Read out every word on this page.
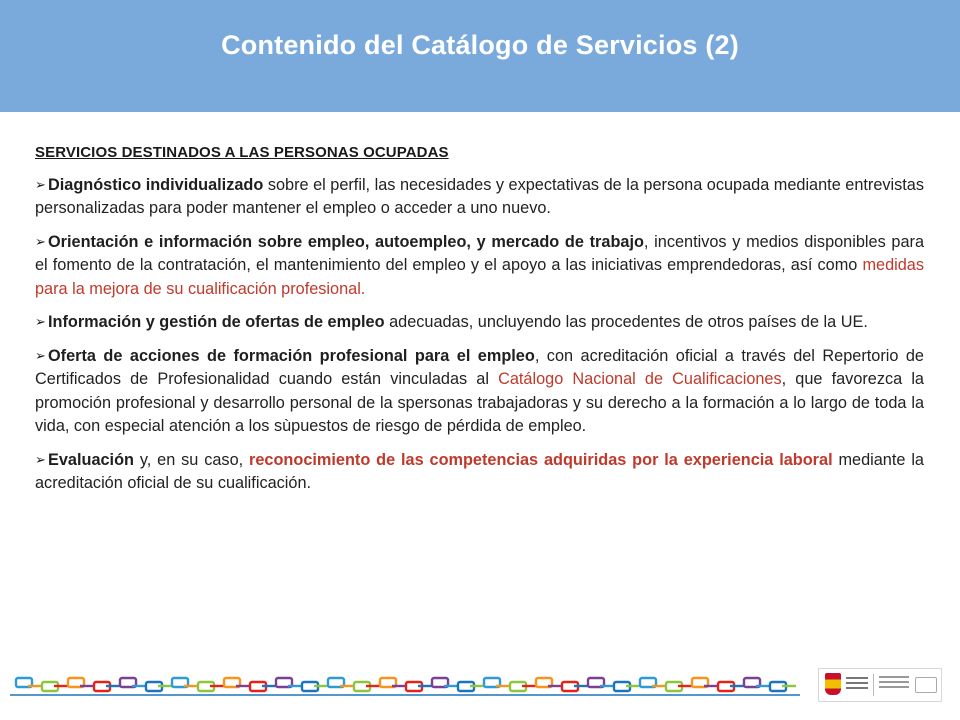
Contenido del Catálogo de Servicios (2)
SERVICIOS DESTINADOS A LAS PERSONAS OCUPADAS
➢ Diagnóstico individualizado sobre el perfil, las necesidades y expectativas de la persona ocupada mediante entrevistas personalizadas para poder mantener el empleo o acceder a uno nuevo.
➢ Orientación e información sobre empleo, autoempleo, y mercado de trabajo, incentivos y medios disponibles para el fomento de la contratación, el mantenimiento del empleo y el apoyo a las iniciativas emprendedoras, así como medidas para la mejora de su cualificación profesional.
➢ Información y gestión de ofertas de empleo adecuadas, uncluyendo las procedentes de otros países de la UE.
➢ Oferta de acciones de formación profesional para el empleo, con acreditación oficial a través del Repertorio de Certificados de Profesionalidad cuando están vinculadas al Catálogo Nacional de Cualificaciones, que favorezca la promoción profesional y desarrollo personal de la spersonas trabajadoras y su derecho a la formación a lo largo de toda la vida, con especial atención a los sùpuestos de riesgo de pérdida de empleo.
➢ Evaluación y, en su caso, reconocimiento de las competencias adquiridas por la experiencia laboral mediante la acreditación oficial de su cualificación.
